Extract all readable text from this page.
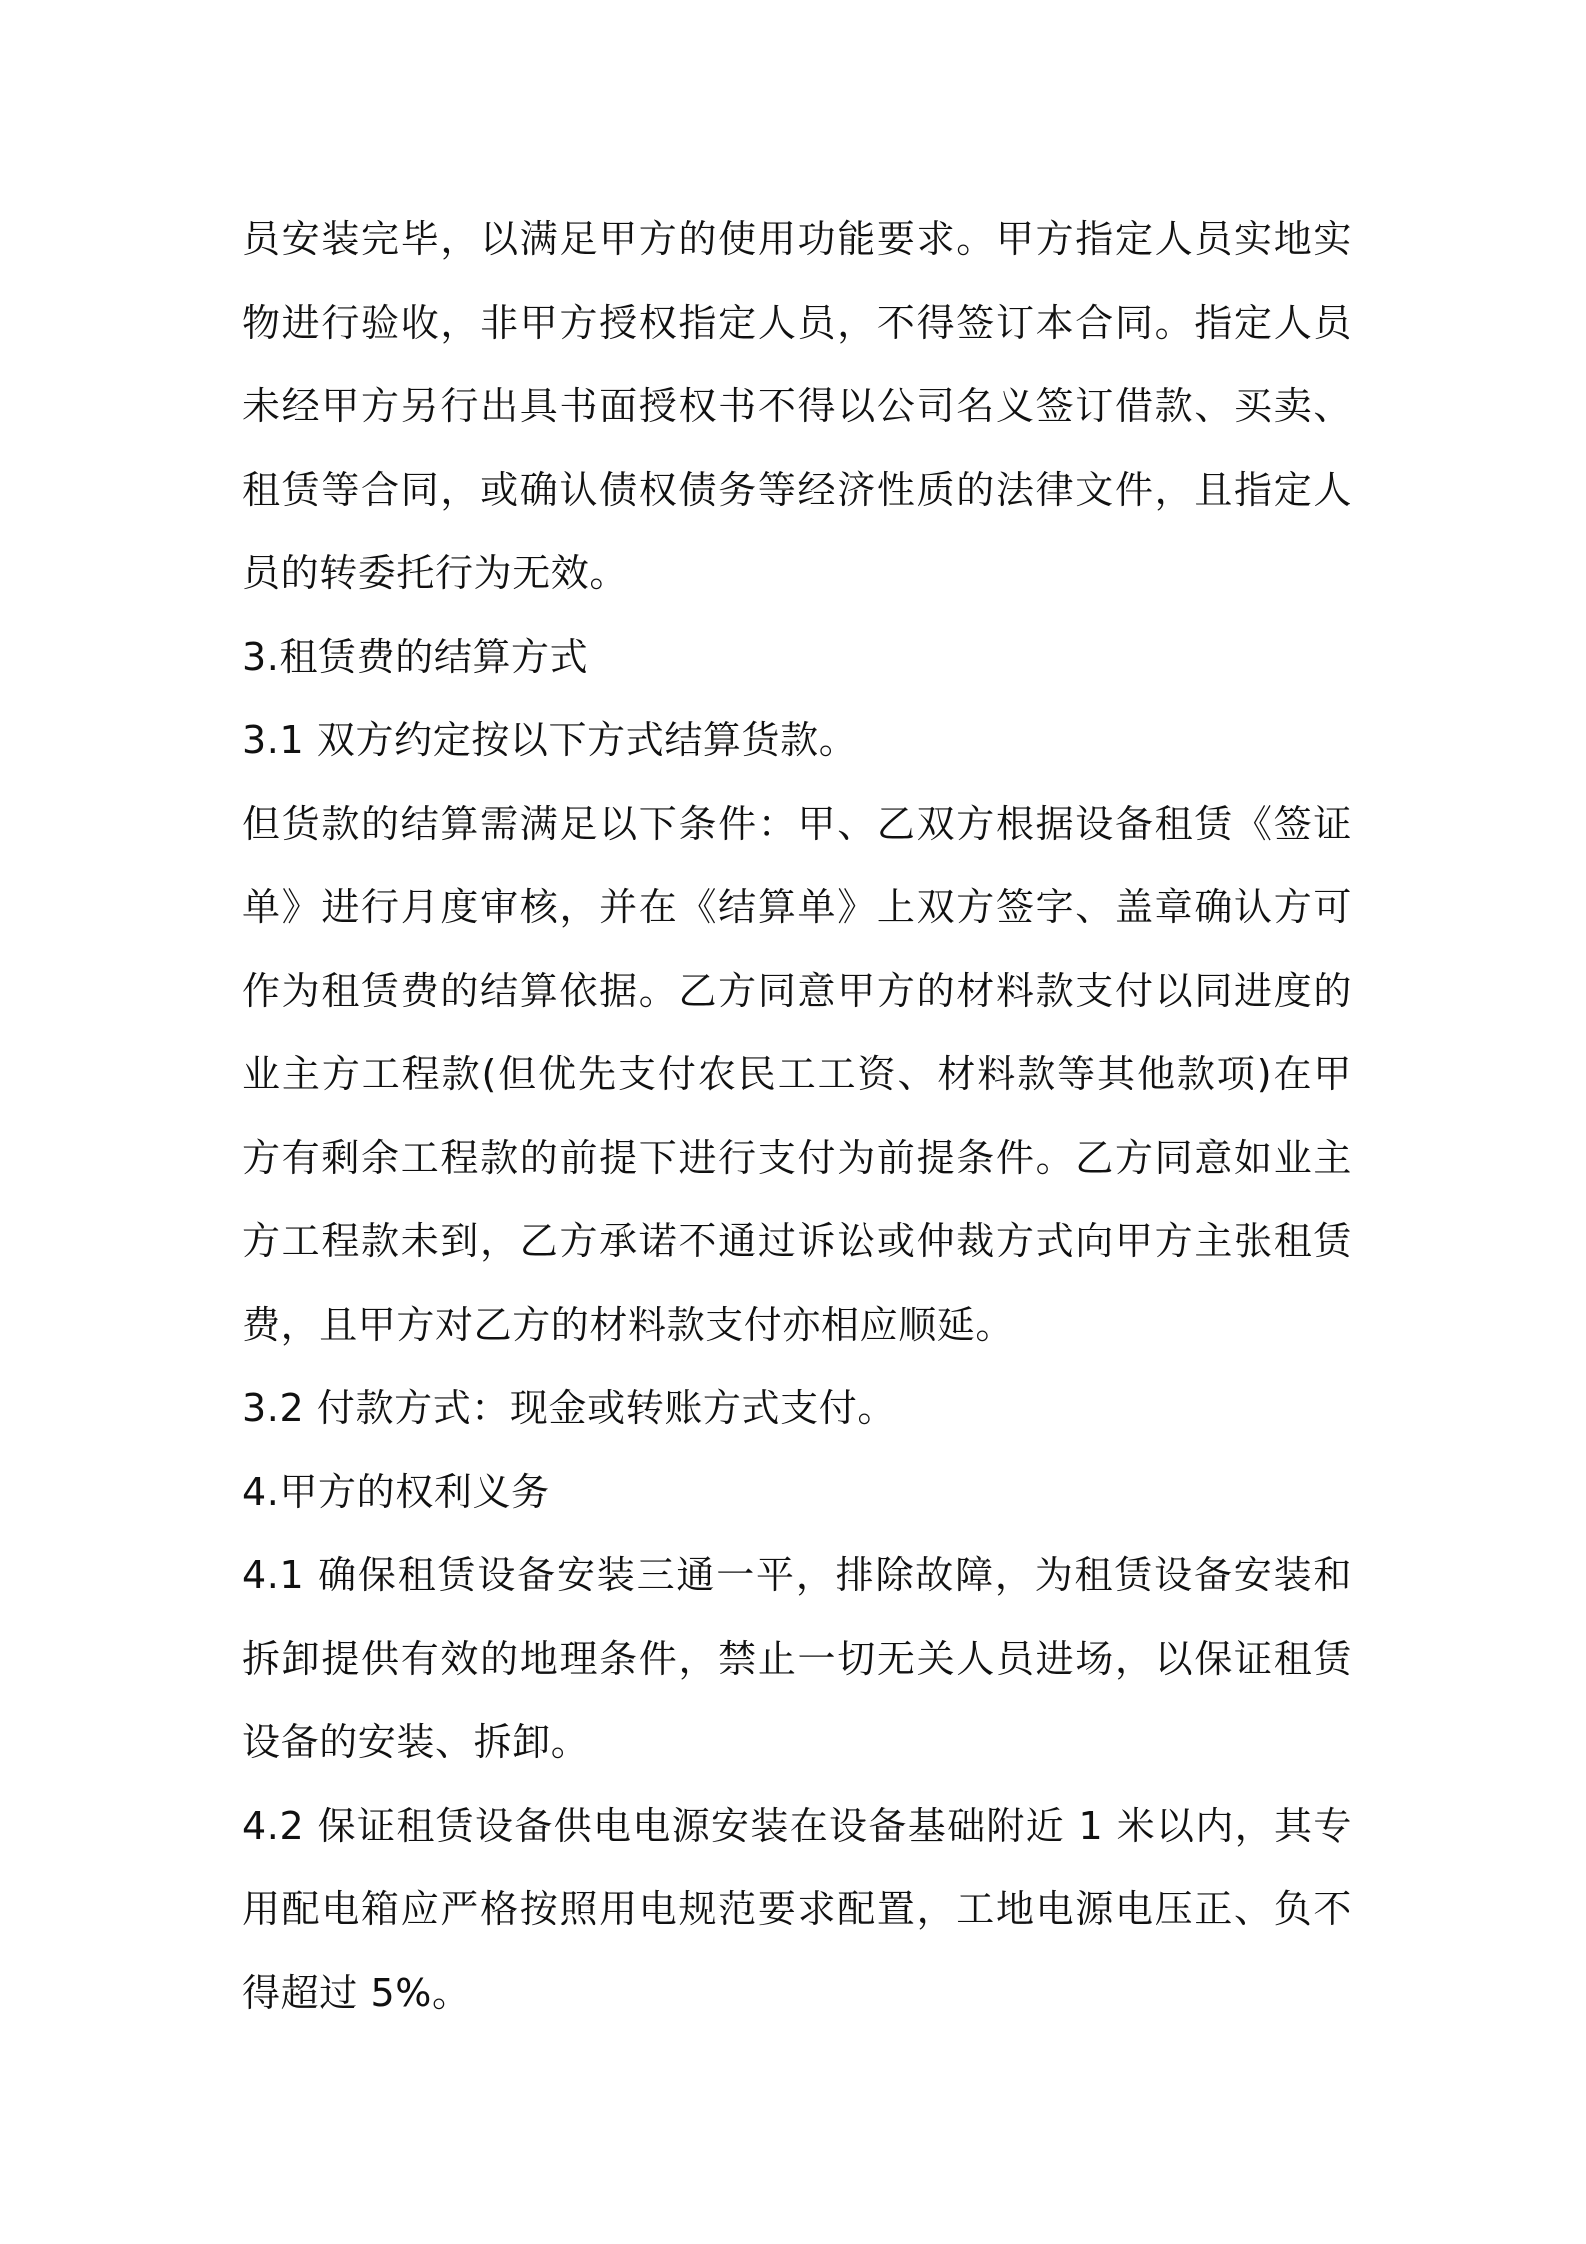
员安装完毕，以满足甲方的使用功能要求。甲方指定人员实地实物进行验收，非甲方授权指定人员，不得签订本合同。指定人员未经甲方另行出具书面授权书不得以公司名义签订借款、买卖、租赁等合同，或确认债权债务等经济性质的法律文件，且指定人员的转委托行为无效。

3.租赁费的结算方式

3.1 双方约定按以下方式结算货款。

但货款的结算需满足以下条件：甲、乙双方根据设备租赁《签证单》进行月度审核，并在《结算单》上双方签字、盖章确认方可作为租赁费的结算依据。乙方同意甲方的材料款支付以同进度的业主方工程款(但优先支付农民工工资、材料款等其他款项)在甲方有剩余工程款的前提下进行支付为前提条件。乙方同意如业主方工程款未到，乙方承诺不通过诉讼或仲裁方式向甲方主张租赁费，且甲方对乙方的材料款支付亦相应顺延。

3.2 付款方式：现金或转账方式支付。

4.甲方的权利义务

4.1 确保租赁设备安装三通一平，排除故障，为租赁设备安装和拆卸提供有效的地理条件，禁止一切无关人员进场，以保证租赁设备的安装、拆卸。

4.2 保证租赁设备供电电源安装在设备基础附近 1 米以内，其专用配电箱应严格按照用电规范要求配置，工地电源电压正、负不得超过 5%。
